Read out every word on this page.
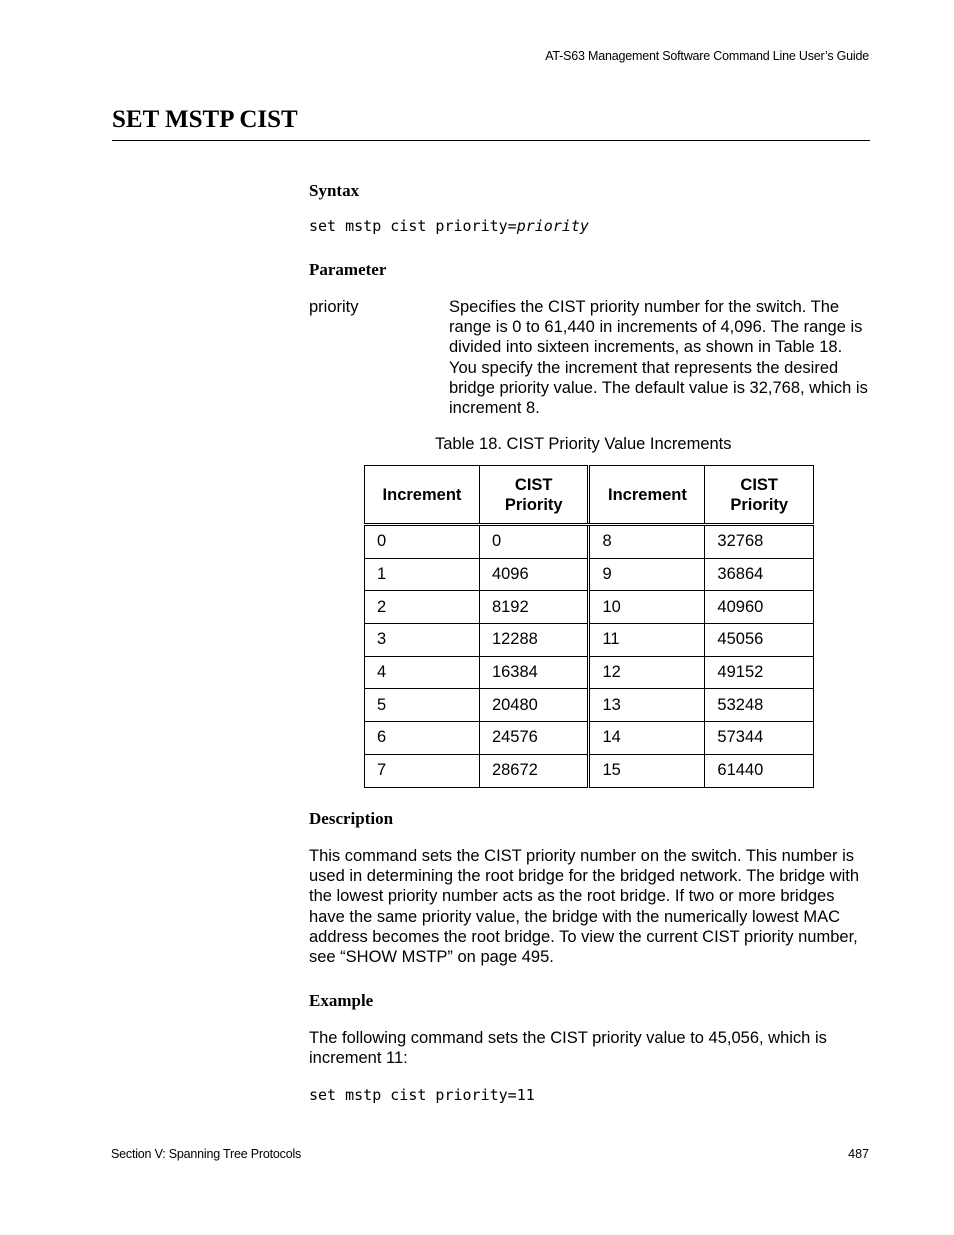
AT-S63 Management Software Command Line User’s Guide
SET MSTP CIST
Syntax
set mstp cist priority=priority
Parameter
priority	Specifies the CIST priority number for the switch. The range is 0 to 61,440 in increments of 4,096. The range is divided into sixteen increments, as shown in Table 18. You specify the increment that represents the desired bridge priority value. The default value is 32,768, which is increment 8.
Table 18. CIST Priority Value Increments
Increment	CIST Priority	Increment	CIST Priority
0	0	8	32768
1	4096	9	36864
2	8192	10	40960
3	12288	11	45056
4	16384	12	49152
5	20480	13	53248
6	24576	14	57344
7	28672	15	61440
Description
This command sets the CIST priority number on the switch. This number is used in determining the root bridge for the bridged network. The bridge with the lowest priority number acts as the root bridge. If two or more bridges have the same priority value, the bridge with the numerically lowest MAC address becomes the root bridge. To view the current CIST priority number, see “SHOW MSTP” on page 495.
Example
The following command sets the CIST priority value to 45,056, which is increment 11:
set mstp cist priority=11
Section V: Spanning Tree Protocols	487
